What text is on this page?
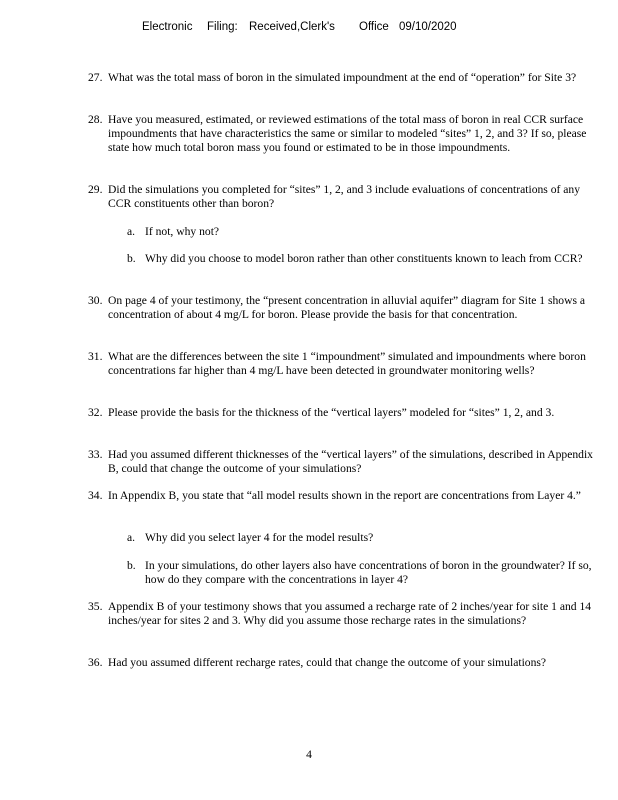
Electronic Filing: Received,Clerk's Office 09/10/2020
27. What was the total mass of boron in the simulated impoundment at the end of “operation” for Site 3?
28. Have you measured, estimated, or reviewed estimations of the total mass of boron in real CCR surface impoundments that have characteristics the same or similar to modeled “sites” 1, 2, and 3? If so, please state how much total boron mass you found or estimated to be in those impoundments.
29. Did the simulations you completed for “sites” 1, 2, and 3 include evaluations of concentrations of any CCR constituents other than boron?
a. If not, why not?
b. Why did you choose to model boron rather than other constituents known to leach from CCR?
30. On page 4 of your testimony, the “present concentration in alluvial aquifer” diagram for Site 1 shows a concentration of about 4 mg/L for boron. Please provide the basis for that concentration.
31. What are the differences between the site 1 “impoundment” simulated and impoundments where boron concentrations far higher than 4 mg/L have been detected in groundwater monitoring wells?
32. Please provide the basis for the thickness of the “vertical layers” modeled for “sites” 1, 2, and 3.
33. Had you assumed different thicknesses of the “vertical layers” of the simulations, described in Appendix B, could that change the outcome of your simulations?
34. In Appendix B, you state that “all model results shown in the report are concentrations from Layer 4.”
a. Why did you select layer 4 for the model results?
b. In your simulations, do other layers also have concentrations of boron in the groundwater? If so, how do they compare with the concentrations in layer 4?
35. Appendix B of your testimony shows that you assumed a recharge rate of 2 inches/year for site 1 and 14 inches/year for sites 2 and 3. Why did you assume those recharge rates in the simulations?
36. Had you assumed different recharge rates, could that change the outcome of your simulations?
4
